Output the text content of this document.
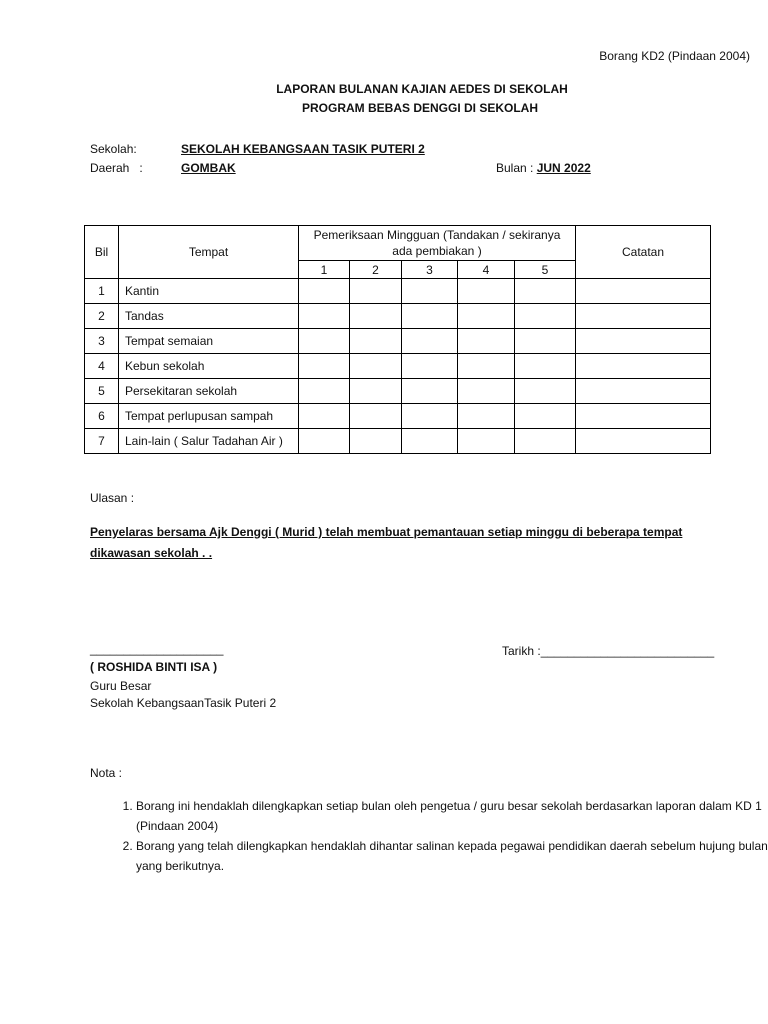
Borang KD2 (Pindaan 2004)
LAPORAN BULANAN KAJIAN AEDES DI SEKOLAH
PROGRAM BEBAS DENGGI DI SEKOLAH
Sekolah:	SEKOLAH KEBANGSAAN TASIK PUTERI 2
Daerah   :	GOMBAK	Bulan : JUN 2022
Bil	Tempat	Pemeriksaan Mingguan (Tandakan / sekiranya ada pembiakan )					Catatan
		1	2	3	4	5	
1	Kantin						
2	Tandas						
3	Tempat semaian						
4	Kebun sekolah						
5	Persekitaran sekolah						
6	Tempat perlupusan sampah						
7	Lain-lain ( Salur Tadahan Air )						
Ulasan :
Penyelaras bersama Ajk Denggi ( Murid ) telah membuat pemantauan setiap minggu di beberapa tempat
dikawasan sekolah . .
____________________
( ROSHIDA BINTI ISA )
Guru Besar
Sekolah KebangsaanTasik Puteri 2
Tarikh :__________________________
Nota :
1. Borang ini hendaklah dilengkapkan setiap bulan oleh pengetua / guru besar sekolah berdasarkan laporan dalam KD 1 (Pindaan 2004)
2. Borang yang telah dilengkapkan hendaklah dihantar salinan kepada pegawai pendidikan daerah sebelum hujung bulan yang berikutnya.
